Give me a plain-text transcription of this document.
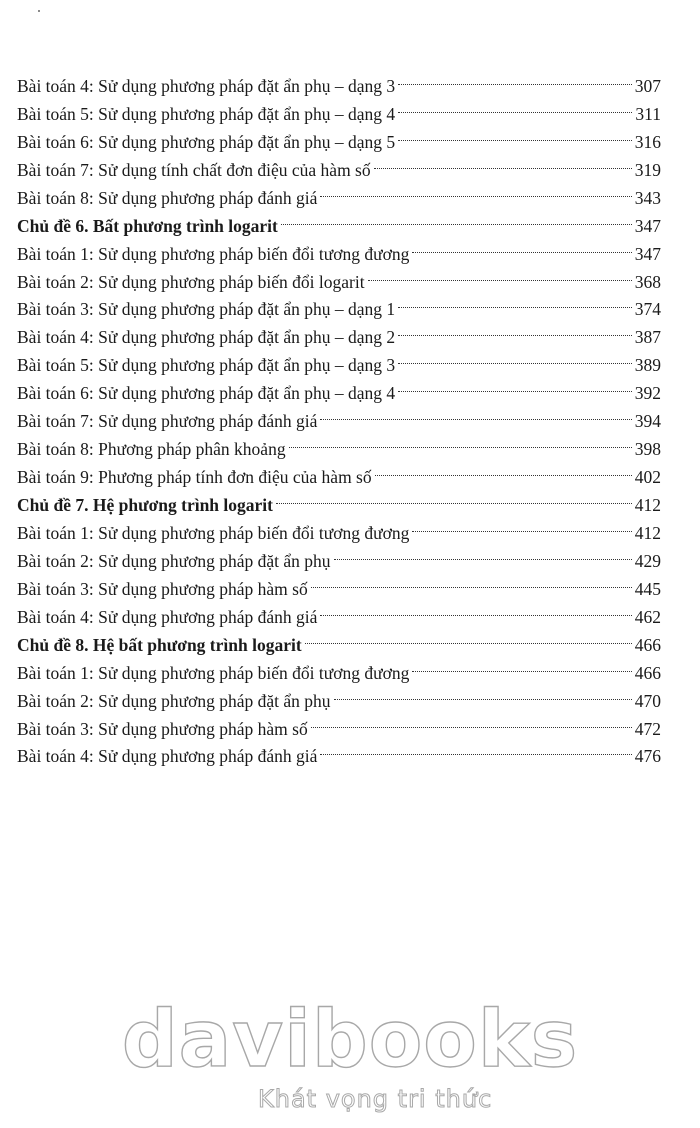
Bài toán 4: Sử dụng phương pháp đặt ẩn phụ – dạng 3	307
Bài toán 5: Sử dụng phương pháp đặt ẩn phụ – dạng 4	311
Bài toán 6: Sử dụng phương pháp đặt ẩn phụ – dạng 5	316
Bài toán 7: Sử dụng tính chất đơn điệu của hàm số	319
Bài toán 8: Sử dụng phương pháp đánh giá	343
Chủ đề 6. Bất phương trình logarit	347
Bài toán 1: Sử dụng phương pháp biến đổi tương đương	347
Bài toán 2: Sử dụng phương pháp biến đổi logarit	368
Bài toán 3: Sử dụng phương pháp đặt ẩn phụ – dạng 1	374
Bài toán 4: Sử dụng phương pháp đặt ẩn phụ – dạng 2	387
Bài toán 5: Sử dụng phương pháp đặt ẩn phụ – dạng 3	389
Bài toán 6: Sử dụng phương pháp đặt ẩn phụ – dạng 4	392
Bài toán 7: Sử dụng phương pháp đánh giá	394
Bài toán 8: Phương pháp phân khoảng	398
Bài toán 9: Phương pháp tính đơn điệu của hàm số	402
Chủ đề 7. Hệ phương trình logarit	412
Bài toán 1: Sử dụng phương pháp biến đổi tương đương	412
Bài toán 2: Sử dụng phương pháp đặt ẩn phụ	429
Bài toán 3: Sử dụng phương pháp hàm số	445
Bài toán 4: Sử dụng phương pháp đánh giá	462
Chủ đề 8. Hệ bất phương trình logarit	466
Bài toán 1: Sử dụng phương pháp biến đổi tương đương	466
Bài toán 2: Sử dụng phương pháp đặt ẩn phụ	470
Bài toán 3: Sử dụng phương pháp hàm số	472
Bài toán 4: Sử dụng phương pháp đánh giá	476
davibooks
Khát vọng tri thức
